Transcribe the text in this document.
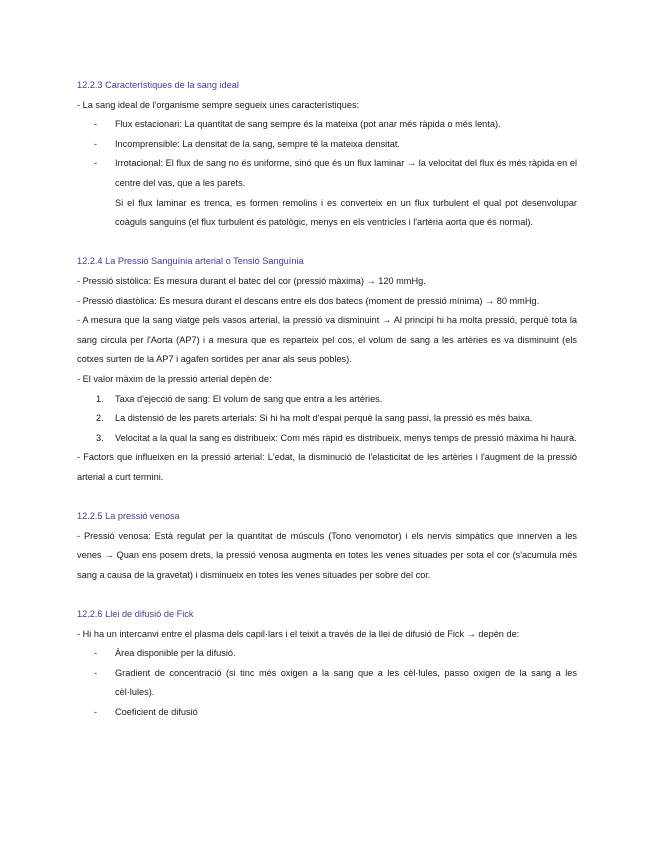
12.2.3 Característiques de la sang ideal

- La sang ideal de l'organisme sempre segueix unes característiques:

- Flux estacionari: La quantitat de sang sempre és la mateixa (pot anar més ràpida o més lenta).

- Incomprensible: La densitat de la sang, sempre té la mateixa densitat.

- Irrotacional: El flux de sang no és uniforme, sinó que és un flux laminar → la velocitat del flux és més ràpida en el centre del vas, que a les parets.

Si el flux laminar es trenca, es formen remolins i es converteix en un flux turbulent el qual pot desenvolupar coàguls sanguins (el flux turbulent és patològic, menys en els ventricles i l'artèria aorta que és normal).

12.2.4 La Pressió Sanguínia arterial o Tensió Sanguínia

- Pressió sistòlica: Es mesura durant el batec del cor (pressió màxima) → 120 mmHg.

- Pressió diastòlica: Es mesura durant el descans entre els dos batecs (moment de pressió mínima) → 80 mmHg.

- A mesura que la sang viatge pels vasos arterial, la pressió va disminuint → Al principi hi ha molta pressió, perquè tota la sang circula per l'Aorta (AP7) i a mesura que es reparteix pel cos, el volum de sang a les artèries es va disminuint (els cotxes surten de la AP7 i agafen sortides per anar als seus pobles).

- El valor màxim de la pressió arterial depèn de:

1. Taxa d'ejecció de sang: El volum de sang que entra a les artèries.

2. La distensió de les parets arterials: Si hi ha molt d'espai perquè la sang passi, la pressió es més baixa.

3. Velocitat a la qual la sang es distribueix: Com més ràpid es distribueix, menys temps de pressió màxima hi haurà.

- Factors que influeixen en la pressió arterial: L'edat, la disminució de l'elasticitat de les artèries i l'augment de la pressió arterial a curt termini.

12.2.5 La pressió venosa

- Pressió venosa: Està regulat per la quantitat de músculs (Tono venomotor) i els nervis simpàtics que innerven a les venes → Quan ens posem drets, la pressió venosa augmenta en totes les venes situades per sota el cor (s'acumula més sang a causa de la gravetat) i disminueix en totes les venes situades per sobre del cor.

12.2.6 Llei de difusió de Fick

- Hi ha un intercanvi entre el plasma dels capil·lars i el teixit a través de la llei de difusió de Fick → depèn de:

- Àrea disponible per la difusió.

- Gradient de concentració (si tinc més oxigen a la sang que a les cèl·lules, passo oxigen de la sang a les cèl·lules).

- Coeficient de difusió
